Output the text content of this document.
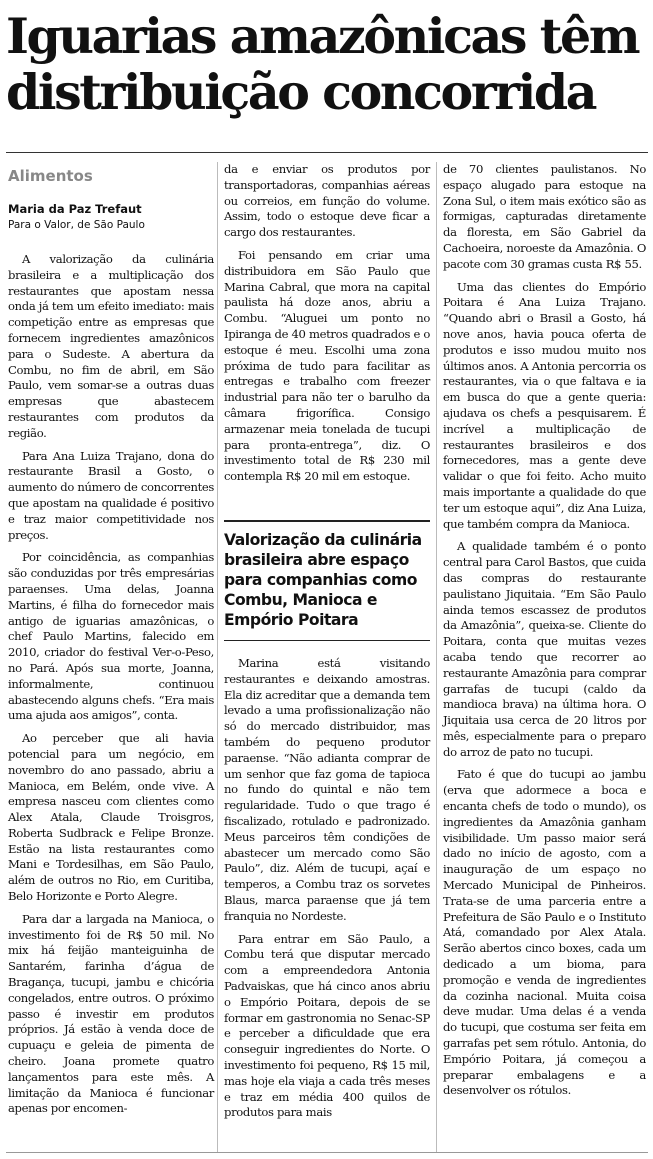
Iguarias amazônicas têm distribuição concorrida
Alimentos
Maria da Paz Trefaut
Para o Valor, de São Paulo

A valorização da culinária brasileira e a multiplicação dos restaurantes que apostam nessa onda já tem um efeito imediato: mais competição entre as empresas que fornecem ingredientes amazônicos para o Sudeste. A abertura da Combu, no fim de abril, em São Paulo, vem somar-se a outras duas empresas que abastecem restaurantes com produtos da região.

Para Ana Luiza Trajano, dona do restaurante Brasil a Gosto, o aumento do número de concorrentes que apostam na qualidade é positivo e traz maior competitividade nos preços.

Por coincidência, as companhias são conduzidas por três empresárias paraenses. Uma delas, Joanna Martins, é filha do fornecedor mais antigo de iguarias amazônicas, o chef Paulo Martins, falecido em 2010, criador do festival Ver-o-Peso, no Pará. Após sua morte, Joanna, informalmente, continuou abastecendo alguns chefs. “Era mais uma ajuda aos amigos”, conta.

Ao perceber que ali havia potencial para um negócio, em novembro do ano passado, abriu a Manioca, em Belém, onde vive. A empresa nasceu com clientes como Alex Atala, Claude Troisgros, Roberta Sudbrack e Felipe Bronze. Estão na lista restaurantes como Mani e Tordesilhas, em São Paulo, além de outros no Rio, em Curitiba, Belo Horizonte e Porto Alegre.

Para dar a largada na Manioca, o investimento foi de R$ 50 mil. No mix há feijão manteiguinha de Santarém, farinha d’água de Bragança, tucupi, jambu e chicória congelados, entre outros. O próximo passo é investir em produtos próprios. Já estão à venda doce de cupuaçu e geleia de pimenta de cheiro. Joana promete quatro lançamentos para este mês. A limitação da Manioca é funcionar apenas por encomen-

da e enviar os produtos por transportadoras, companhias aéreas ou correios, em função do volume. Assim, todo o estoque deve ficar a cargo dos restaurantes.

Foi pensando em criar uma distribuidora em São Paulo que Marina Cabral, que mora na capital paulista há doze anos, abriu a Combu. “Aluguei um ponto no Ipiranga de 40 metros quadrados e o estoque é meu. Escolhi uma zona próxima de tudo para facilitar as entregas e trabalho com freezer industrial para não ter o barulho da câmara frigorífica. Consigo armazenar meia tonelada de tucupi para pronta-entrega”, diz. O investimento total de R$ 230 mil contempla R$ 20 mil em estoque.

Valorização da culinária brasileira abre espaço para companhias como Combu, Manioca e Empório Poitara

Marina está visitando restaurantes e deixando amostras. Ela diz acreditar que a demanda tem levado a uma profissionalização não só do mercado distribuidor, mas também do pequeno produtor paraense. “Não adianta comprar de um senhor que faz goma de tapioca no fundo do quintal e não tem regularidade. Tudo o que trago é fiscalizado, rotulado e padronizado. Meus parceiros têm condições de abastecer um mercado como São Paulo”, diz. Além de tucupi, açaí e temperos, a Combu traz os sorvetes Blaus, marca paraense que já tem franquia no Nordeste.

Para entrar em São Paulo, a Combu terá que disputar mercado com a empreendedora Antonia Padvaiskas, que há cinco anos abriu o Empório Poitara, depois de se formar em gastronomia no Senac-SP e perceber a dificuldade que era conseguir ingredientes do Norte. O investimento foi pequeno, R$ 15 mil, mas hoje ela viaja a cada três meses e traz em média 400 quilos de produtos para mais

de 70 clientes paulistanos. No espaço alugado para estoque na Zona Sul, o item mais exótico são as formigas, capturadas diretamente da floresta, em São Gabriel da Cachoeira, noroeste da Amazônia. O pacote com 30 gramas custa R$ 55.

Uma das clientes do Empório Poitara é Ana Luiza Trajano. “Quando abri o Brasil a Gosto, há nove anos, havia pouca oferta de produtos e isso mudou muito nos últimos anos. A Antonia percorria os restaurantes, via o que faltava e ia em busca do que a gente queria: ajudava os chefs a pesquisarem. É incrível a multiplicação de restaurantes brasileiros e dos fornecedores, mas a gente deve validar o que foi feito. Acho muito mais importante a qualidade do que ter um estoque aqui”, diz Ana Luiza, que também compra da Manioca.

A qualidade também é o ponto central para Carol Bastos, que cuida das compras do restaurante paulistano Jiquitaia. “Em São Paulo ainda temos escassez de produtos da Amazônia”, queixa-se. Cliente do Poitara, conta que muitas vezes acaba tendo que recorrer ao restaurante Amazônia para comprar garrafas de tucupi (caldo da mandioca brava) na última hora. O Jiquitaia usa cerca de 20 litros por mês, especialmente para o preparo do arroz de pato no tucupi.

Fato é que do tucupi ao jambu (erva que adormece a boca e encanta chefs de todo o mundo), os ingredientes da Amazônia ganham visibilidade. Um passo maior será dado no início de agosto, com a inauguração de um espaço no Mercado Municipal de Pinheiros. Trata-se de uma parceria entre a Prefeitura de São Paulo e o Instituto Atá, comandado por Alex Atala. Serão abertos cinco boxes, cada um dedicado a um bioma, para promoção e venda de ingredientes da cozinha nacional. Muita coisa deve mudar. Uma delas é a venda do tucupi, que costuma ser feita em garrafas pet sem rótulo. Antonia, do Empório Poitara, já começou a preparar embalagens e a desenvolver os rótulos.
